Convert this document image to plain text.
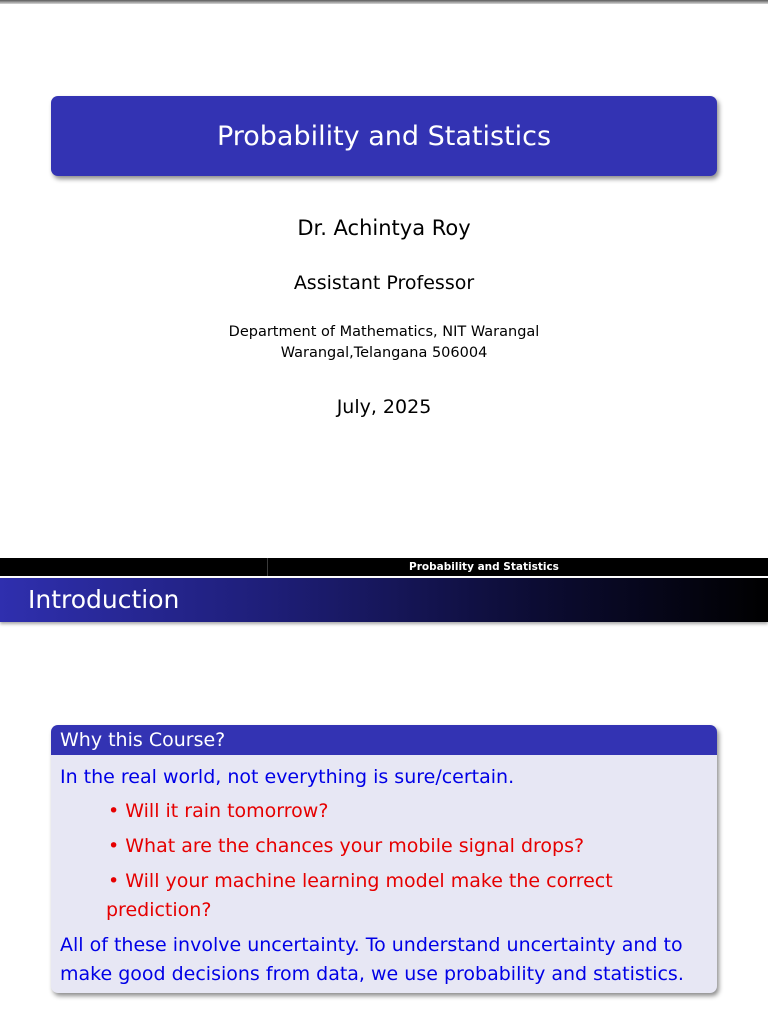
Probability and Statistics
Dr. Achintya Roy
Assistant Professor
Department of Mathematics, NIT Warangal
Warangal,Telangana 506004
July, 2025
Probability and Statistics
Introduction
Why this Course?

In the real world, not everything is sure/certain.

• Will it rain tomorrow?
• What are the chances your mobile signal drops?
• Will your machine learning model make the correct
prediction?

All of these involve uncertainty. To understand uncertainty and to

make good decisions from data, we use probability and statistics.
